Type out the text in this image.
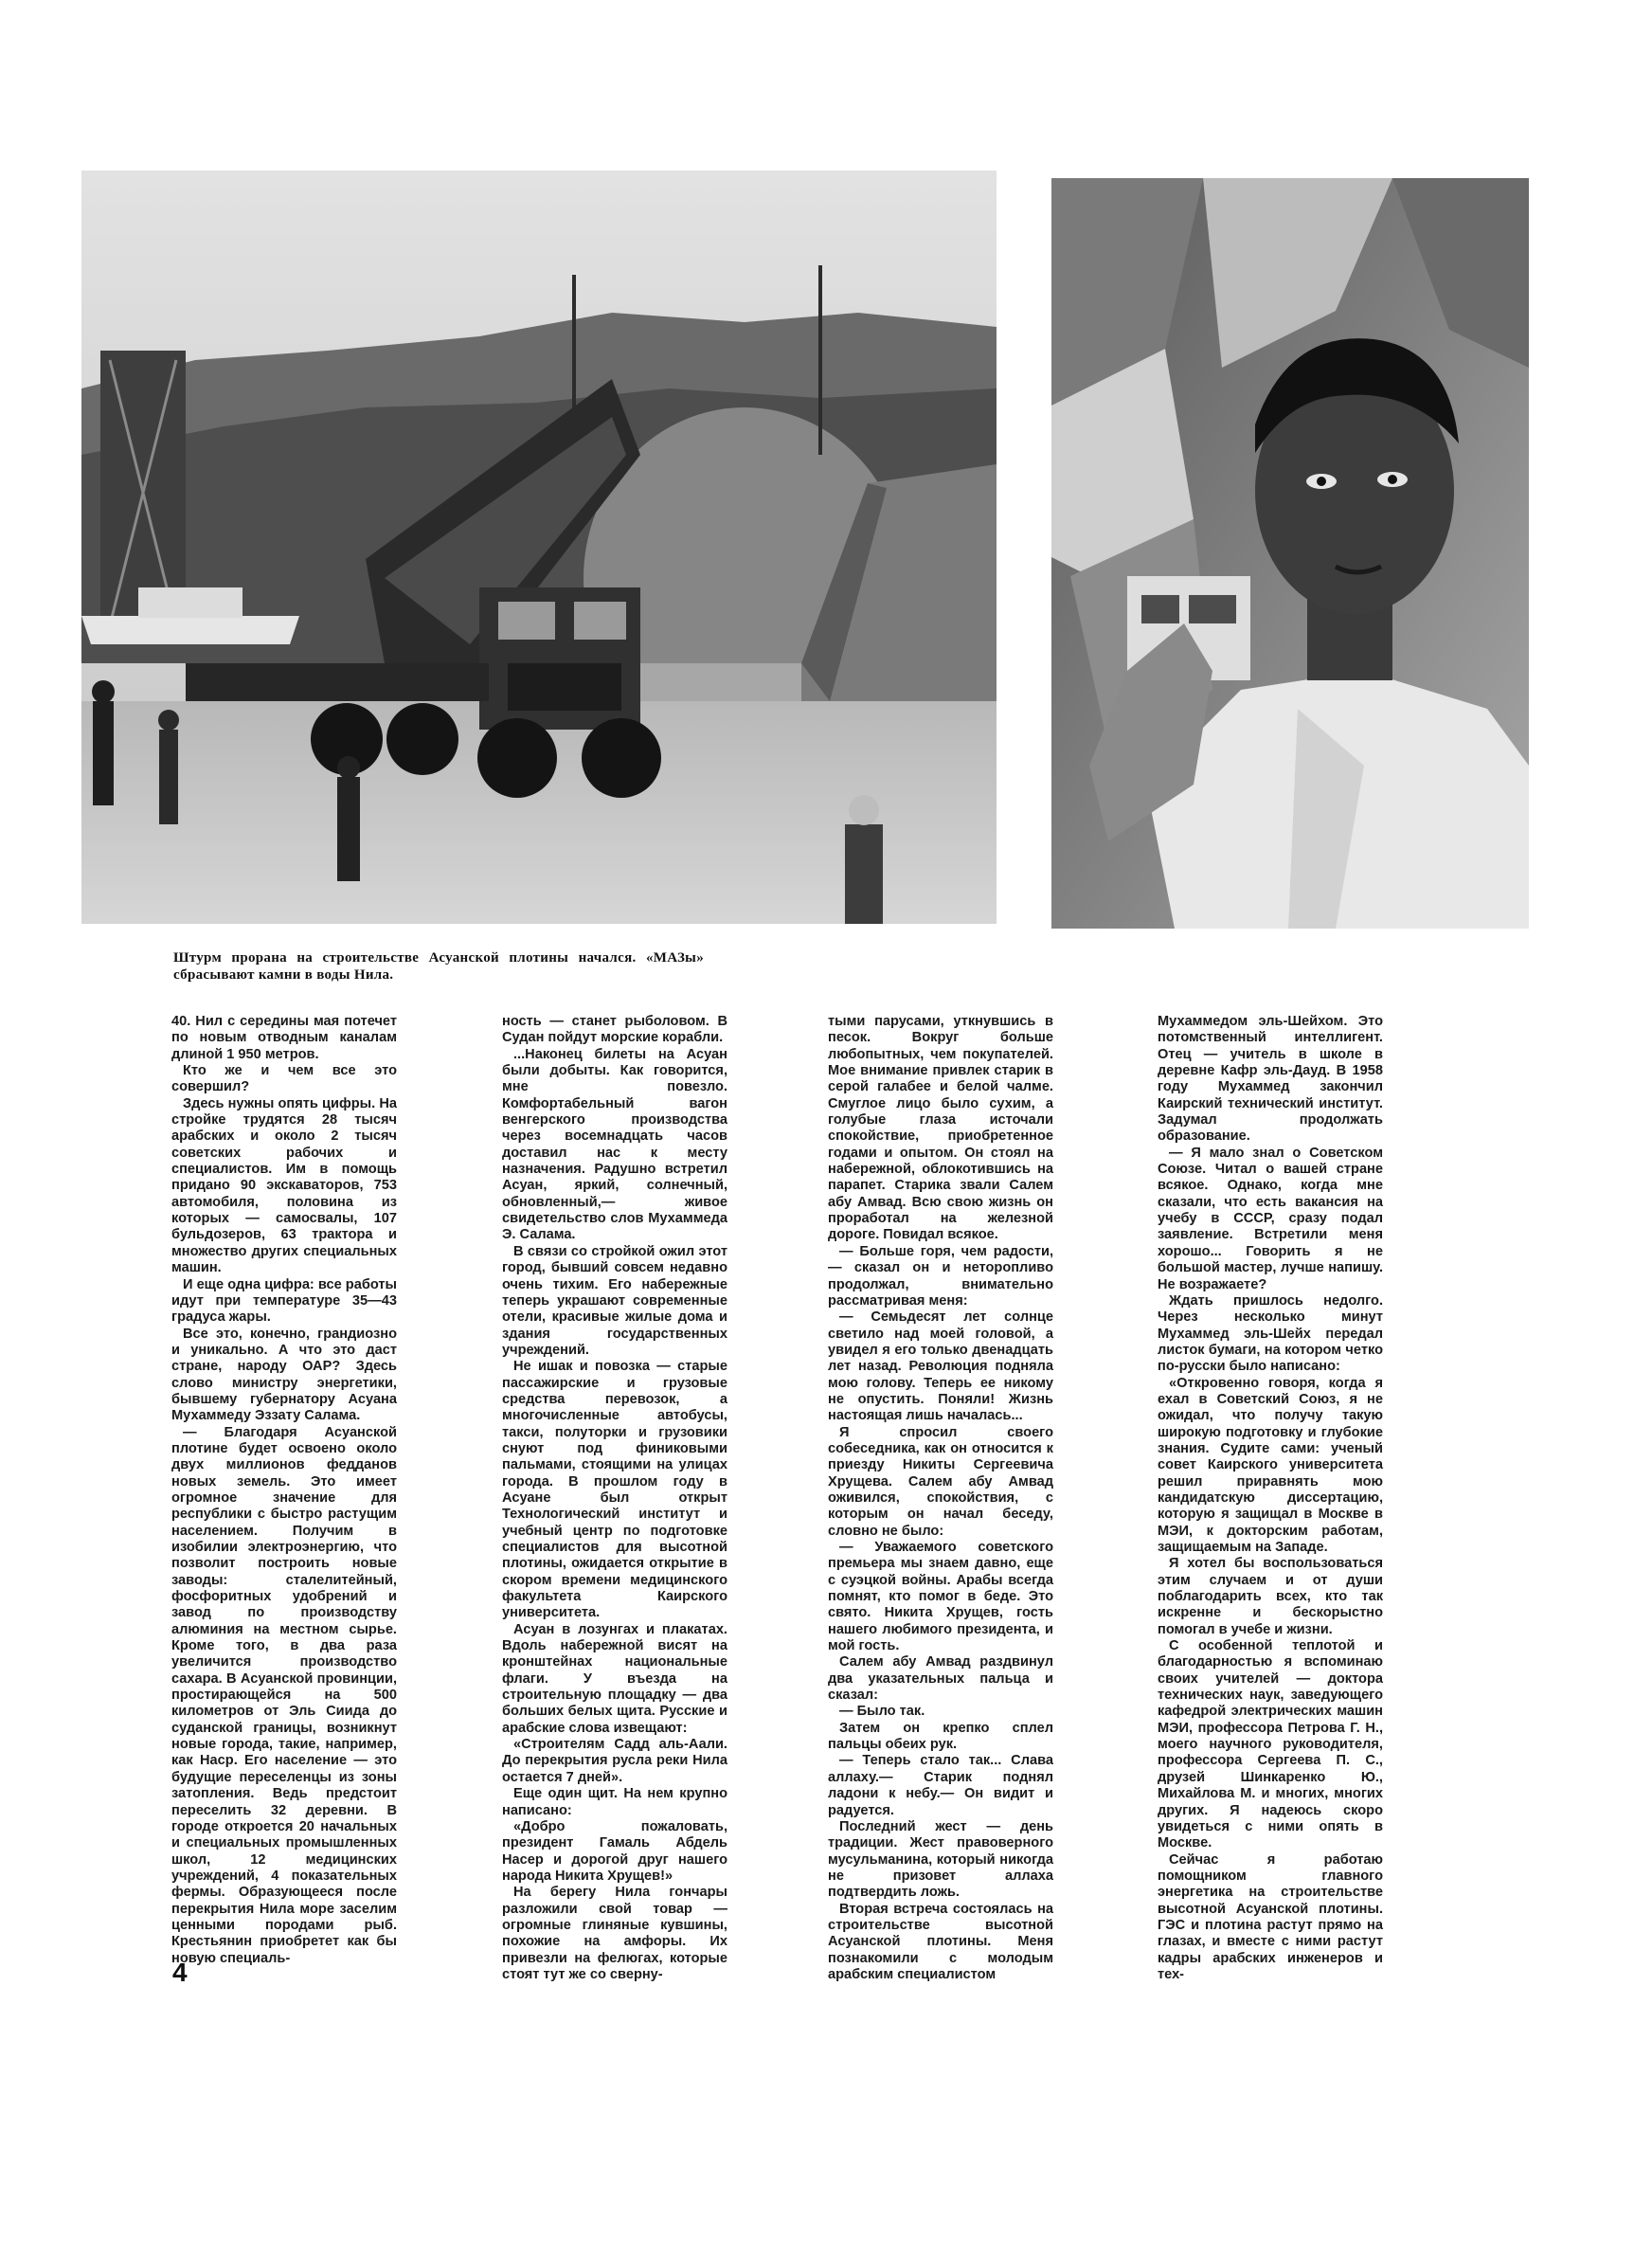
Штурм прорана на строительстве Асуанской плотины начался. «МАЗы» сбрасывают камни в воды Нила.

40. Нил с середины мая потечет по новым отводным каналам длиной 1 950 метров.

Кто же и чем все это совершил?

Здесь нужны опять цифры. На стройке трудятся 28 тысяч арабских и около 2 тысяч советских рабочих и специалистов. Им в помощь придано 90 экскаваторов, 753 автомобиля, половина из которых — самосвалы, 107 бульдозеров, 63 трактора и множество других специальных машин.

И еще одна цифра: все работы идут при температуре 35—43 градуса жары.

Все это, конечно, грандиозно и уникально. А что это даст стране, народу ОАР? Здесь слово министру энергетики, бывшему губернатору Асуана Мухаммеду Эззату Салама.

— Благодаря Асуанской плотине будет освоено около двух миллионов федданов новых земель. Это имеет огромное значение для республики с быстро растущим населением. Получим в изобилии электроэнергию, что позволит построить новые заводы: сталелитейный, фосфоритных удобрений и завод по производству алюминия на местном сырье. Кроме того, в два раза увеличится производство сахара. В Асуанской провинции, простирающейся на 500 километров от Эль Сиида до суданской границы, возникнут новые города, такие, например, как Наср. Его население — это будущие переселенцы из зоны затопления. Ведь предстоит переселить 32 деревни. В городе откроется 20 начальных и специальных промышленных школ, 12 медицинских учреждений, 4 показательных фермы. Образующееся после перекрытия Нила море заселим ценными породами рыб. Крестьянин приобретет как бы новую специаль-

ность — станет рыболовом. В Судан пойдут морские корабли.

...Наконец билеты на Асуан были добыты. Как говорится, мне повезло. Комфортабельный вагон венгерского производства через восемнадцать часов доставил нас к месту назначения. Радушно встретил Асуан, яркий, солнечный, обновленный,— живое свидетельство слов Мухаммеда Э. Салама.

В связи со стройкой ожил этот город, бывший совсем недавно очень тихим. Его набережные теперь украшают современные отели, красивые жилые дома и здания государственных учреждений.

Не ишак и повозка — старые пассажирские и грузовые средства перевозок, а многочисленные автобусы, такси, полуторки и грузовики снуют под финиковыми пальмами, стоящими на улицах города. В прошлом году в Асуане был открыт Технологический институт и учебный центр по подготовке специалистов для высотной плотины, ожидается открытие в скором времени медицинского факультета Каирского университета.

Асуан в лозунгах и плакатах. Вдоль набережной висят на кронштейнах национальные флаги. У въезда на строительную площадку — два больших белых щита. Русские и арабские слова извещают:

«Строителям Садд аль-Аали. До перекрытия русла реки Нила остается 7 дней».

Еще один щит. На нем крупно написано:

«Добро пожаловать, президент Гамаль Абдель Насер и дорогой друг нашего народа Никита Хрущев!»

На берегу Нила гончары разложили свой товар — огромные глиняные кувшины, похожие на амфоры. Их привезли на фелюгах, которые стоят тут же со сверну-

тыми парусами, уткнувшись в песок. Вокруг больше любопытных, чем покупателей. Мое внимание привлек старик в серой галабее и белой чалме. Смуглое лицо было сухим, а голубые глаза источали спокойствие, приобретенное годами и опытом. Он стоял на набережной, облокотившись на парапет. Старика звали Салем абу Амвад. Всю свою жизнь он проработал на железной дороге. Повидал всякое.

— Больше горя, чем радости,— сказал он и неторопливо продолжал, внимательно рассматривая меня:

— Семьдесят лет солнце светило над моей головой, а увидел я его только двенадцать лет назад. Революция подняла мою голову. Теперь ее никому не опустить. Поняли! Жизнь настоящая лишь началась...

Я спросил своего собеседника, как он относится к приезду Никиты Сергеевича Хрущева. Салем абу Амвад оживился, спокойствия, с которым он начал беседу, словно не было:

— Уважаемого советского премьера мы знаем давно, еще с суэцкой войны. Арабы всегда помнят, кто помог в беде. Это свято. Никита Хрущев, гость нашего любимого президента, и мой гость.

Салем абу Амвад раздвинул два указательных пальца и сказал:

— Было так.

Затем он крепко сплел пальцы обеих рук.

— Теперь стало так... Слава аллаху.— Старик поднял ладони к небу.— Он видит и радуется.

Последний жест — день традиции. Жест правоверного мусульманина, который никогда не призовет аллаха подтвердить ложь.

Вторая встреча состоялась на строительстве высотной Асуанской плотины. Меня познакомили с молодым арабским специалистом

Мухаммедом эль-Шейхом. Это потомственный интеллигент. Отец — учитель в школе в деревне Кафр эль-Дауд. В 1958 году Мухаммед закончил Каирский технический институт. Задумал продолжать образование.

— Я мало знал о Советском Союзе. Читал о вашей стране всякое. Однако, когда мне сказали, что есть вакансия на учебу в СССР, сразу подал заявление. Встретили меня хорошо... Говорить я не большой мастер, лучше напишу. Не возражаете?

Ждать пришлось недолго. Через несколько минут Мухаммед эль-Шейх передал листок бумаги, на котором четко по-русски было написано:

«Откровенно говоря, когда я ехал в Советский Союз, я не ожидал, что получу такую широкую подготовку и глубокие знания. Судите сами: ученый совет Каирского университета решил приравнять мою кандидатскую диссертацию, которую я защищал в Москве в МЭИ, к докторским работам, защищаемым на Западе.

Я хотел бы воспользоваться этим случаем и от души поблагодарить всех, кто так искренне и бескорыстно помогал в учебе и жизни.

С особенной теплотой и благодарностью я вспоминаю своих учителей — доктора технических наук, заведующего кафедрой электрических машин МЭИ, профессора Петрова Г. Н., моего научного руководителя, профессора Сергеева П. С., друзей Шинкаренко Ю., Михайлова М. и многих, многих других. Я надеюсь скоро увидеться с ними опять в Москве.

Сейчас я работаю помощником главного энергетика на строительстве высотной Асуанской плотины. ГЭС и плотина растут прямо на глазах, и вместе с ними растут кадры арабских инженеров и тех-

4
